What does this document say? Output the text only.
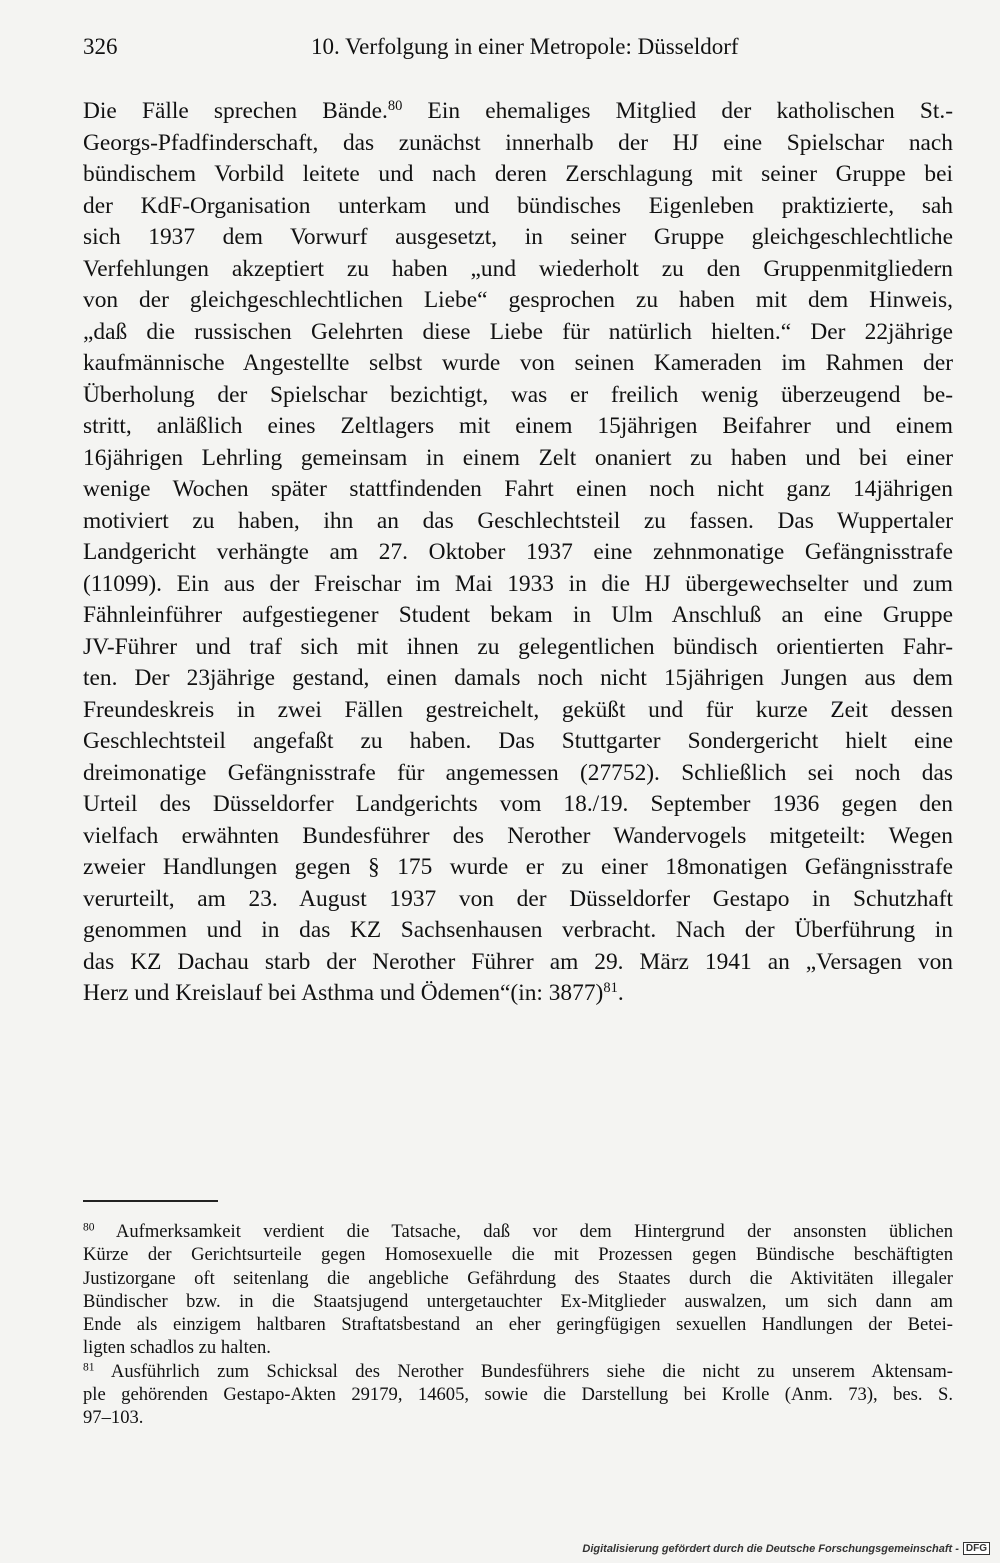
326	10. Verfolgung in einer Metropole: Düsseldorf
Die Fälle sprechen Bände.$^{80}$ Ein ehemaliges Mitglied der katholischen St.-
Georgs-Pfadfinderschaft, das zunächst innerhalb der HJ eine Spielschar nach
bündischem Vorbild leitete und nach deren Zerschlagung mit seiner Gruppe bei
der KdF-Organisation unterkam und bündisches Eigenleben praktizierte, sah
sich 1937 dem Vorwurf ausgesetzt, in seiner Gruppe gleichgeschlechtliche
Verfehlungen akzeptiert zu haben „und wiederholt zu den Gruppenmitgliedern
von der gleichgeschlechtlichen Liebe“ gesprochen zu haben mit dem Hinweis,
„daß die russischen Gelehrten diese Liebe für natürlich hielten.“ Der 22jährige
kaufmännische Angestellte selbst wurde von seinen Kameraden im Rahmen der
Überholung der Spielschar bezichtigt, was er freilich wenig überzeugend be-
stritt, anläßlich eines Zeltlagers mit einem 15jährigen Beifahrer und einem
16jährigen Lehrling gemeinsam in einem Zelt onaniert zu haben und bei einer
wenige Wochen später stattfindenden Fahrt einen noch nicht ganz 14jährigen
motiviert zu haben, ihn an das Geschlechtsteil zu fassen. Das Wuppertaler
Landgericht verhängte am 27. Oktober 1937 eine zehnmonatige Gefängnisstrafe
(11099). Ein aus der Freischar im Mai 1933 in die HJ übergewechselter und zum
Fähnleinführer aufgestiegener Student bekam in Ulm Anschluß an eine Gruppe
JV-Führer und traf sich mit ihnen zu gelegentlichen bündisch orientierten Fahr-
ten. Der 23jährige gestand, einen damals noch nicht 15jährigen Jungen aus dem
Freundeskreis in zwei Fällen gestreichelt, geküßt und für kurze Zeit dessen
Geschlechtsteil angefaßt zu haben. Das Stuttgarter Sondergericht hielt eine
dreimonatige Gefängnisstrafe für angemessen (27752). Schließlich sei noch das
Urteil des Düsseldorfer Landgerichts vom 18./19. September 1936 gegen den
vielfach erwähnten Bundesführer des Nerother Wandervogels mitgeteilt: Wegen
zweier Handlungen gegen § 175 wurde er zu einer 18monatigen Gefängnisstrafe
verurteilt, am 23. August 1937 von der Düsseldorfer Gestapo in Schutzhaft
genommen und in das KZ Sachsenhausen verbracht. Nach der Überführung in
das KZ Dachau starb der Nerother Führer am 29. März 1941 an „Versagen von
Herz und Kreislauf bei Asthma und Ödemen“(in: 3877)$^{81}$.
$^{80}$ Aufmerksamkeit verdient die Tatsache, daß vor dem Hintergrund der ansonsten üblichen
Kürze der Gerichtsurteile gegen Homosexuelle die mit Prozessen gegen Bündische beschäftigten
Justizorgane oft seitenlang die angebliche Gefährdung des Staates durch die Aktivitäten illegaler
Bündischer bzw. in die Staatsjugend untergetauchter Ex-Mitglieder auswalzen, um sich dann am
Ende als einzigem haltbaren Straftatsbestand an eher geringfügigen sexuellen Handlungen der Betei-
ligten schadlos zu halten.
$^{81}$ Ausführlich zum Schicksal des Nerother Bundesführers siehe die nicht zu unserem Aktensam-
ple gehörenden Gestapo-Akten 29179, 14605, sowie die Darstellung bei Krolle (Anm. 73), bes. S.
97–103.
Digitalisierung gefördert durch die Deutsche Forschungsgemeinschaft - DFG
